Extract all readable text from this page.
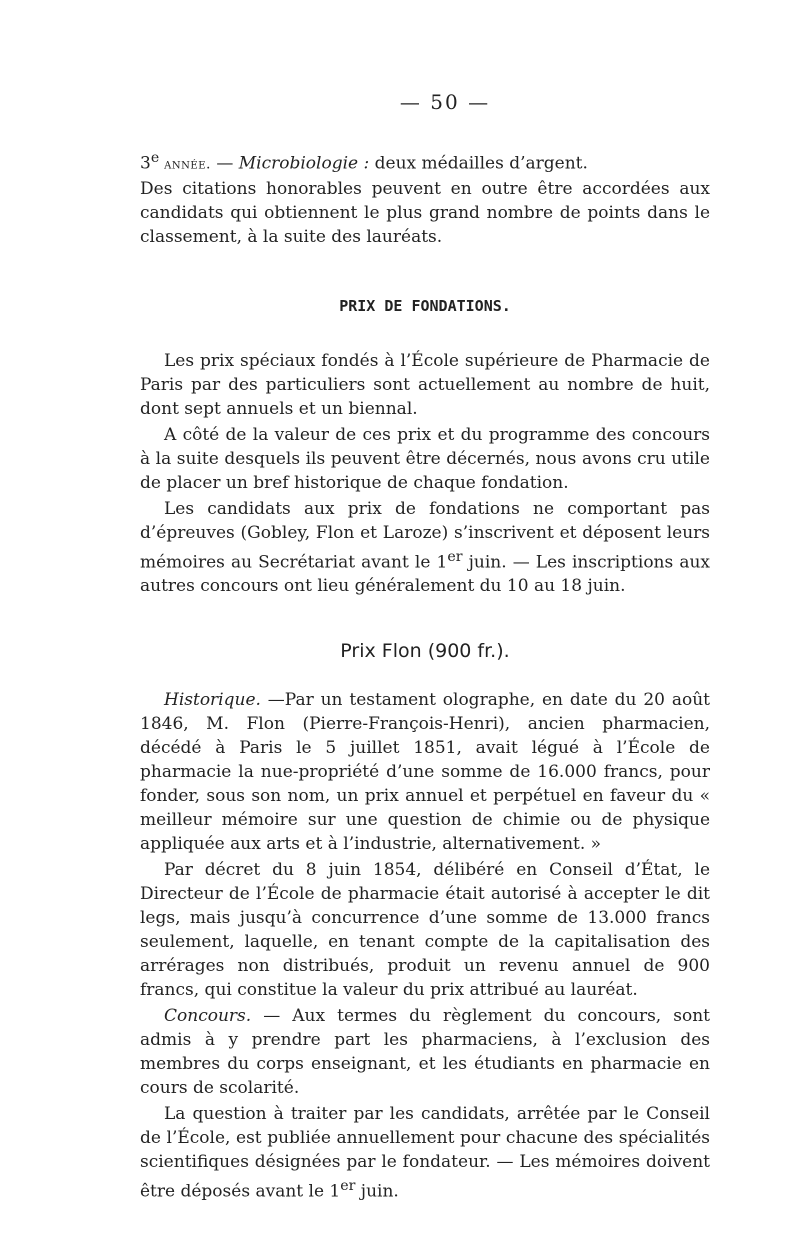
— 50 —

3e année. — Microbiologie : deux médailles d’argent.

Des citations honorables peuvent en outre être accordées aux candidats qui obtiennent le plus grand nombre de points dans le classement, à la suite des lauréats.

PRIX DE FONDATIONS.

Les prix spéciaux fondés à l’École supérieure de Pharmacie de Paris par des particuliers sont actuellement au nombre de huit, dont sept annuels et un biennal.

A côté de la valeur de ces prix et du programme des concours à la suite desquels ils peuvent être décernés, nous avons cru utile de placer un bref historique de chaque fondation.

Les candidats aux prix de fondations ne comportant pas d’épreuves (Gobley, Flon et Laroze) s’inscrivent et déposent leurs mémoires au Secrétariat avant le 1er juin. — Les inscriptions aux autres concours ont lieu généralement du 10 au 18 juin.

Prix Flon (900 fr.).

Historique. —Par un testament olographe, en date du 20 août 1846, M. Flon (Pierre-François-Henri), ancien pharmacien, décédé à Paris le 5 juillet 1851, avait légué à l’École de pharmacie la nue-propriété d’une somme de 16.000 francs, pour fonder, sous son nom, un prix annuel et perpétuel en faveur du « meilleur mémoire sur une question de chimie ou de physique appliquée aux arts et à l’industrie, alternativement. »

Par décret du 8 juin 1854, délibéré en Conseil d’État, le Directeur de l’École de pharmacie était autorisé à accepter le dit legs, mais jusqu’à concurrence d’une somme de 13.000 francs seulement, laquelle, en tenant compte de la capitalisation des arrérages non distribués, produit un revenu annuel de 900 francs, qui constitue la valeur du prix attribué au lauréat.

Concours. — Aux termes du règlement du concours, sont admis à y prendre part les pharmaciens, à l’exclusion des membres du corps enseignant, et les étudiants en pharmacie en cours de scolarité.

La question à traiter par les candidats, arrêtée par le Conseil de l’École, est publiée annuellement pour chacune des spécialités scientifiques désignées par le fondateur. — Les mémoires doivent être déposés avant le 1er juin.
